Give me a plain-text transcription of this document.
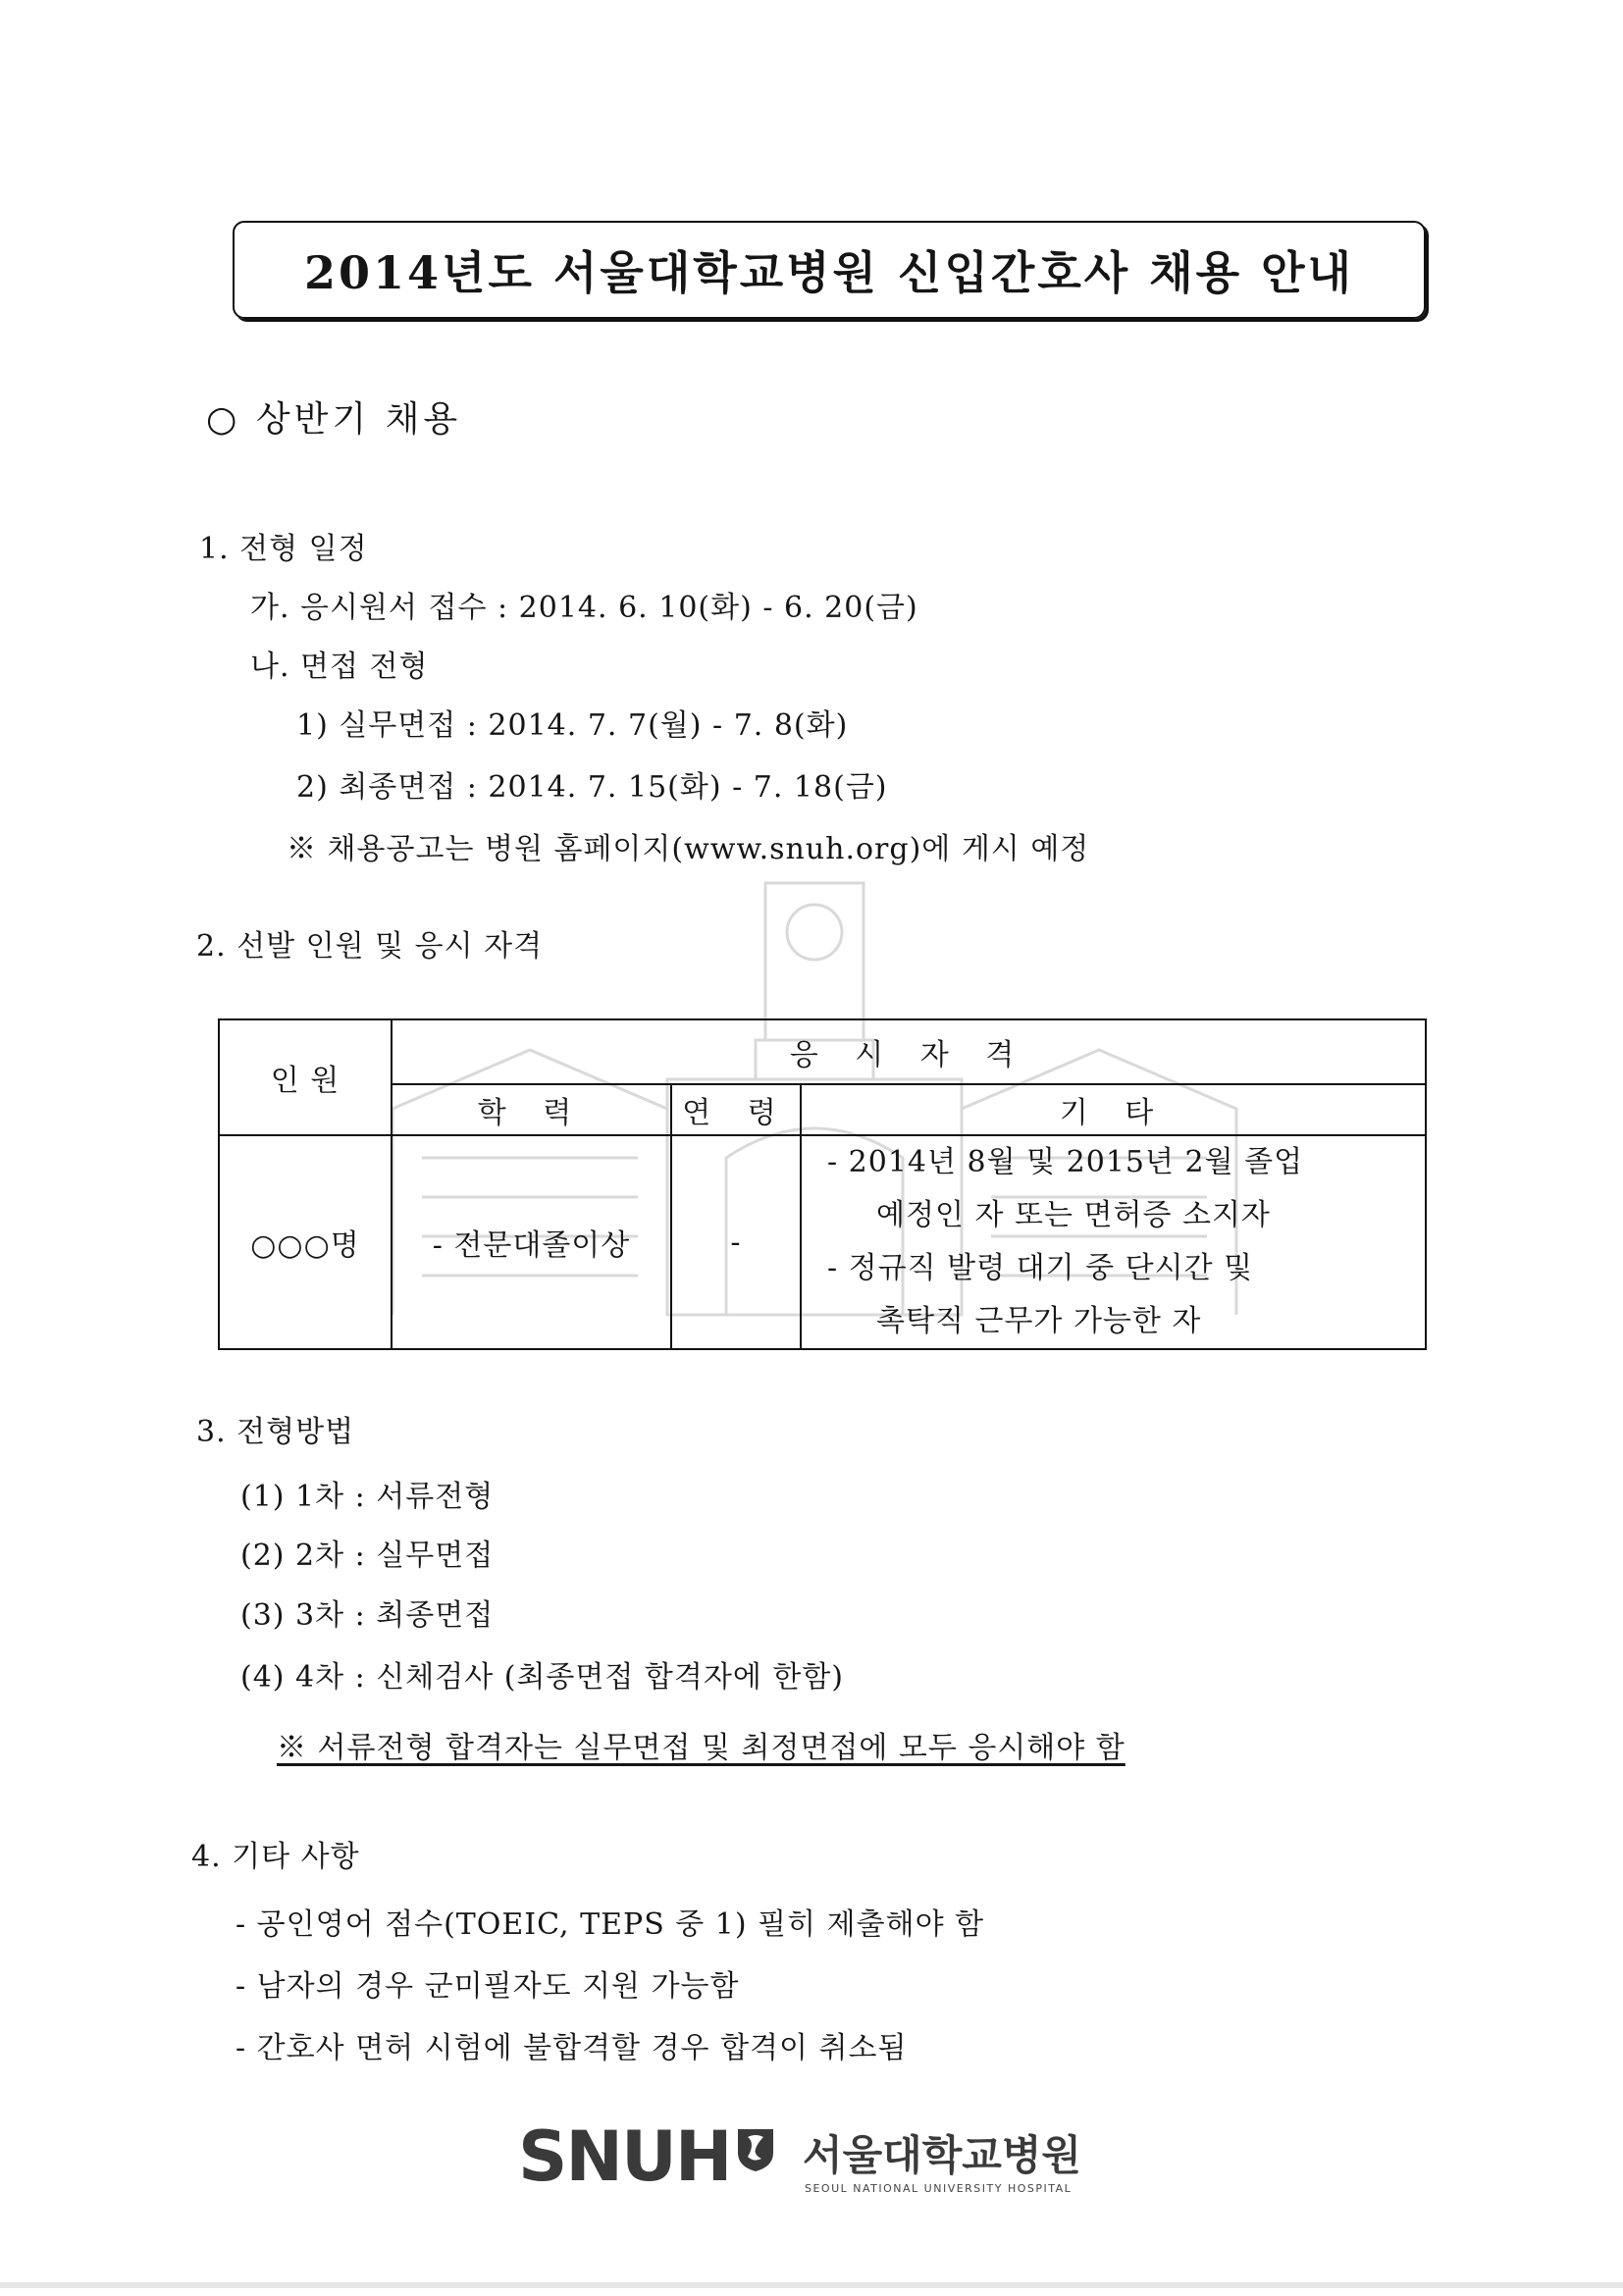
2014년도 서울대학교병원 신입간호사 채용 안내
○ 상반기 채용
1. 전형 일정
가. 응시원서 접수 : 2014. 6. 10(화) - 6. 20(금)
나. 면접 전형
1) 실무면접 : 2014. 7. 7(월) - 7. 8(화)
2) 최종면접 : 2014. 7. 15(화) - 7. 18(금)
※ 채용공고는 병원 홈페이지(www.snuh.org)에 게시 예정
2. 선발 인원 및 응시 자격
인 원	응 시 자 격		
	학 력	연 령	기 타
○○○명	- 전문대졸이상	-	- 2014년 8월 및 2015년 2월 졸업
예정인 자 또는 면허증 소지자
- 정규직 발령 대기 중 단시간 및
촉탁직 근무가 가능한 자
3. 전형방법
(1) 1차 : 서류전형
(2) 2차 : 실무면접
(3) 3차 : 최종면접
(4) 4차 : 신체검사 (최종면접 합격자에 한함)
※ 서류전형 합격자는 실무면접 및 최정면접에 모두 응시해야 함
4. 기타 사항
- 공인영어 점수(TOEIC, TEPS 중 1) 필히 제출해야 함
- 남자의 경우 군미필자도 지원 가능함
- 간호사 면허 시험에 불합격할 경우 합격이 취소됨
SNUH 서울대학교병원
SEOUL NATIONAL UNIVERSITY HOSPITAL
